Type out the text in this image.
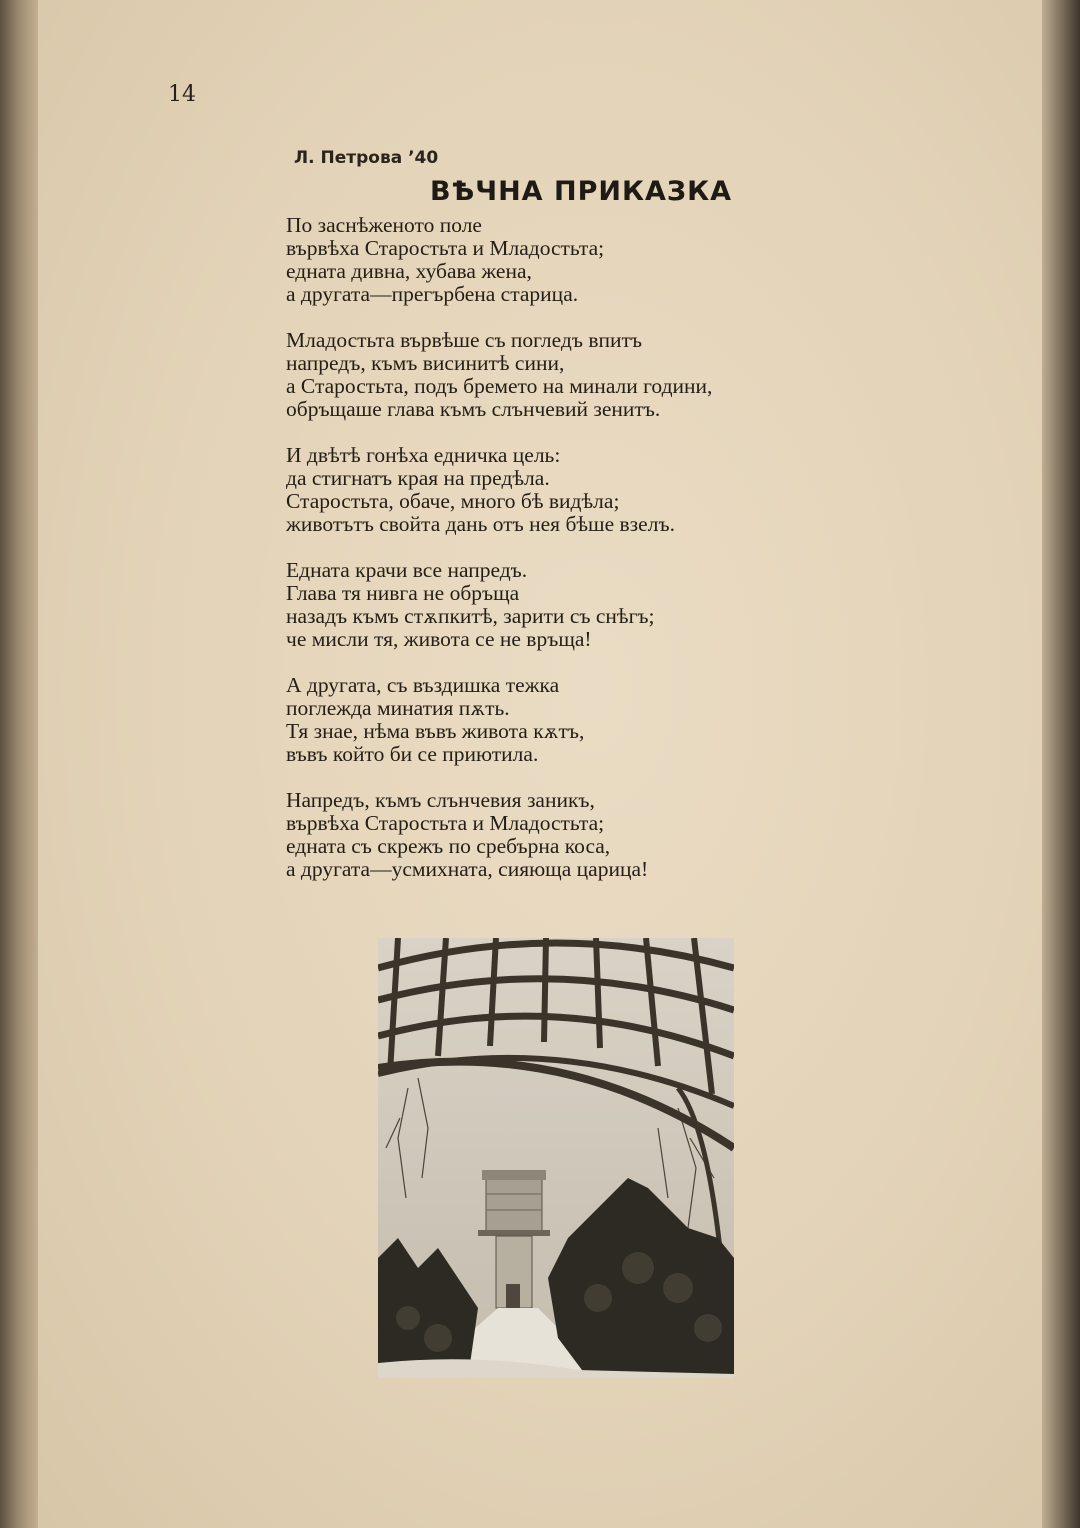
14
Л. Петрова ’40
ВѢЧНА ПРИКАЗКА
По заснѣженото поле
вървѣха Старостьта и Младостьта;
едната дивна, хубава жена,
а другата—прегърбена старица.
Младостьта вървѣше съ погледъ впитъ
напредъ, къмъ висинитѣ сини,
а Старостьта, подъ бремето на минали години,
обръщаше глава къмъ слънчевий зенитъ.
И двѣтѣ гонѣха едничка цель:
да стигнатъ края на предѣла.
Старостьта, обаче, много бѣ видѣла;
животътъ свойта дань отъ нея бѣше взелъ.
Едната крачи все напредъ.
Глава тя нивга не обръща
назадъ къмъ стѫпкитѣ, зарити съ снѣгъ;
че мисли тя, живота се не връща!
А другата, съ въздишка тежка
поглежда минатия пѫть.
Тя знае, нѣма въвъ живота кѫтъ,
въвъ който би се приютила.
Напредъ, къмъ слънчевия заникъ,
вървѣха Старостьта и Младостьта;
едната съ скрежъ по сребърна коса,
а другата—усмихната, сияюща царица!
